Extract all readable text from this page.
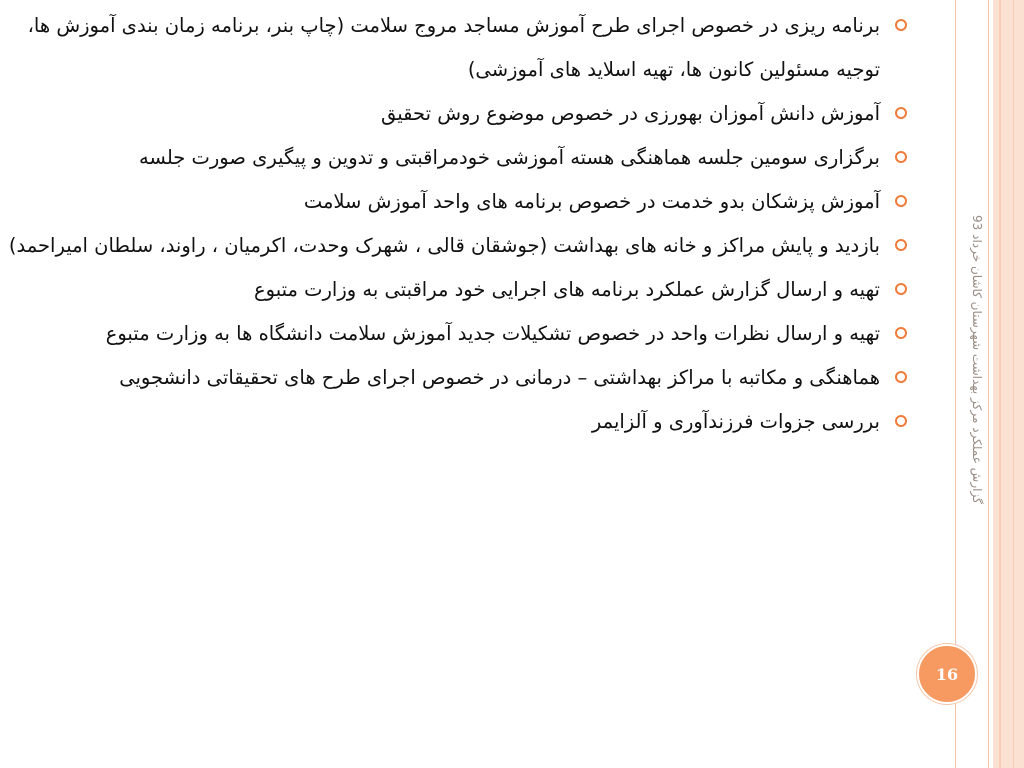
گزارش عملکرد مرکز بهداشت شهرستان کاشان خرداد 93
برنامه ریزی در خصوص اجرای طرح آموزش مساجد مروج سلامت (چاپ بنر، برنامه زمان بندی آموزش ها، توجیه مسئولین کانون ها، تهیه اسلاید های آموزشی)
آموزش دانش آموزان بهورزی در خصوص موضوع روش تحقیق
برگزاری سومین جلسه هماهنگی هسته آموزشی خودمراقبتی و تدوین و پیگیری صورت جلسه
آموزش پزشکان بدو خدمت در خصوص برنامه های واحد آموزش سلامت
بازدید و پایش مراکز و خانه های بهداشت (جوشقان قالی ، شهرک وحدت، اکرمیان ، راوند، سلطان امیراحمد)
تهیه و ارسال گزارش عملکرد برنامه های اجرایی خود مراقبتی به وزارت متبوع
تهیه و ارسال نظرات واحد در خصوص تشکیلات جدید آموزش سلامت دانشگاه ها به وزارت متبوع
هماهنگی و مکاتبه با مراکز بهداشتی – درمانی در خصوص اجرای طرح های تحقیقاتی دانشجویی
بررسی جزوات فرزندآوری و آلزایمر
16
